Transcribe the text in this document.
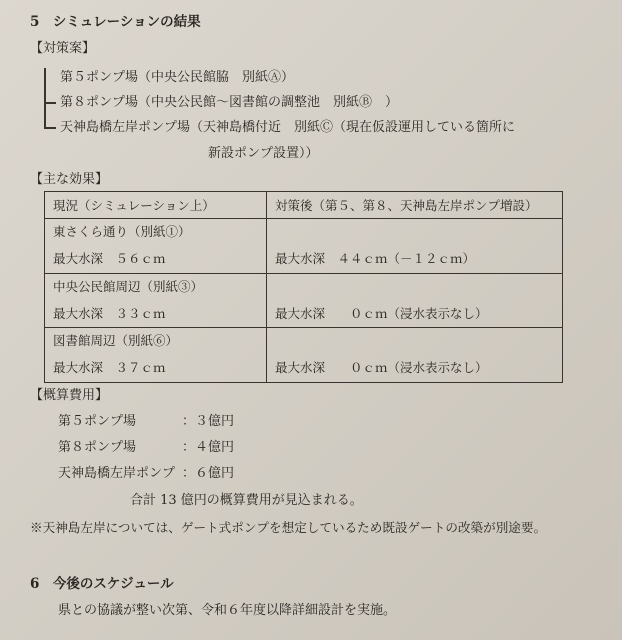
5　シミュレーションの結果
【対策案】
第５ポンプ場（中央公民館脇　別紙Ⓐ）
第８ポンプ場（中央公民館～図書館の調整池　別紙Ⓑ　）
天神島橋左岸ポンプ場（天神島橋付近　別紙Ⓒ（現在仮設運用している箇所に
新設ポンプ設置））
【主な効果】
現況（シミュレーション上）	対策後（第５、第８、天神島左岸ポンプ増設）

東さくら通り（別紙①）
最大水深　５６ｃｍ	最大水深　４４ｃｍ（－１２ｃｍ）

中央公民館周辺（別紙③）
最大水深　３３ｃｍ	最大水深　　０ｃｍ（浸水表示なし）

図書館周辺（別紙⑥）
最大水深　３７ｃｍ	最大水深　　０ｃｍ（浸水表示なし）
【概算費用】
第５ポンプ場	：３億円
第８ポンプ場	：４億円
天神島橋左岸ポンプ ：６億円
合計 13 億円の概算費用が見込まれる。
※天神島左岸については、ゲート式ポンプを想定しているため既設ゲートの改築が別途要。
6　今後のスケジュール
県との協議が整い次第、令和６年度以降詳細設計を実施。
